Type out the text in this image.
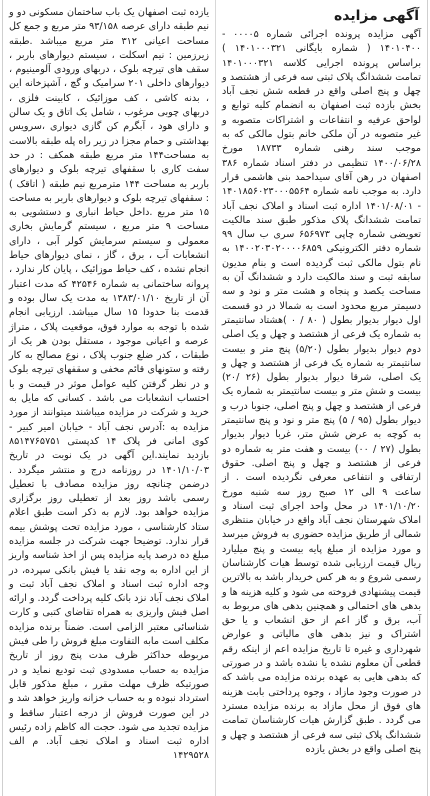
آگهی مزایده

آگهی مزایده پرونده اجرائی شماره ۰۰۰۰۵ - ۱۴۰۱۰۴۰۰ ( شماره بایگانی ۱۴۰۱۰۰۰۳۲۱ ) براساس پرونده اجرایی کلاسه ۱۴۰۱۰۰۰۳۲۱ تمامت ششدانگ پلاک ثبتی سه فرعی از هشتصد و چهل و پنج اصلی واقع در قطعه شش نجف آباد بخش بازده ثبت اصفهان به انضمام کلیه توابع و لواحق عرفیه و انتفاعات و اشتراکات متصوبه و غیر متصوبه در آن ملکی خانم بتول مالکی که به موجب سند رهنی شماره ۱۸۷۳۳ مورخ ۱۴۰۰/۰۶/۲۸ تنظیمی در دفتر اسناد شماره ۳۸۶ اصفهان در رهن آقای سیداحمد بنی هاشمی قرار دارد. به موجب نامه شماره ۱۴۰۱۸۵۶۰۲۳۰۰۰۵۵۶۴ - ۱۴۰۱/۰۸/۰۱ اداره ثبت اسناد و املاک نجف آباد تمامت ششدانگ پلاک مذکور طبق سند مالکیت تعویضی شماره چاپی ۶۵۶۹۷۳ سری ب سال ۹۹ شماره دفتر الکترونیکی ۱۴۰۰۲۰۳۰۲۰۰۰۰۶۸۵۹ به نام بتول مالکی ثبت گردیده است و بنام مدیون سابقه ثبت و سند مالکیت دارد و ششدانگ آن به مساحت یکصد و پنجاه و هشت متر و نود و سه دسیمتر مربع محدود است به شمالا در دو قسمت اول دیوار بدیوار بطول ( ۸۰ / ۰ )هشتاد سانتیمتر به شماره یک فرعی از هشتصد و چهل و یک اصلی دوم دیوار بدیوار بطول (۵/۲۰) پنج متر و بیست سانتیمتر به شماره یک فرعی از هشتصد و چهل و یک اصلی، شرقا دیوار بدیوار بطول (۲۶ /۲۰) بیست و شش متر و بیست سانتیمتر به شماره یک فرعی از هشتصد و چهل و پنج اصلی، جنوبا درب و دیوار بطول (۹۵ / ۵) پنج متر و نود و پنج سانتیمتر به کوچه به عرض شش متر، غربا دیوار بدیوار بطول (۲۷ / ۰۰) بیست و هفت متر به شماره دو فرعی از هشتصد و چهل و پنج اصلی. حقوق ارتفاقی و انتفاعی معرفی نگردیده است . از ساعت ۹ الی ۱۲ صبح روز سه شنبه مورخ ۱۴۰۱/۱۰/۲۰ در محل واحد اجرای ثبت اسناد و املاک شهرستان نجف آباد واقع در خیابان منتظری شمالی از طریق مزایده حضوری به فروش میرسد و مورد مزایده از مبلغ پایه بیست و پنج میلیارد ریال قیمت ارزیابی شده توسط هیات کارشناسان رسمی شروع و به هر کس خریدار باشد به بالاترین قیمت پیشنهادی فروخته می شود و کلیه هزینه ها و بدهی های احتمالی و همچنین بدهی های مربوط به آب، برق و گاز اعم از حق انشعاب و یا حق اشتراک و نیز بدهی های مالیاتی و عوارض شهرداری و غیره تا تاریخ مزایده اعم از اینکه رقم قطعی آن معلوم نشده یا نشده باشد و در صورتی که بدهی هایی به عهده برنده مزایده می باشد که در صورت وجود مازاد ، وجوه پرداختی بابت هزینه های فوق از محل مازاد به برنده مزایده مسترد می گردد . طبق گزارش هیات کارشناسان تمامت ششدانگ پلاک ثبتی سه فرعی از هشتصد و چهل و پنج اصلی واقع در بخش یازده

یازده ثبت اصفهان یک باب ساختمان مسکونی دو و نیم طبقه دارای عرصه ۹۳/۱۵۸ متر مربع و جمع کل مساحت اعیانی ۳۱۲ متر مربع میباشد .طبقه زیرزمین : نیم اسکلت ، سیستم دیوارهای باربر ، سقف های تیرچه بلوک ، دربهای ورودی آلومینیوم ، دیوارهای داخلی ۲۰۱ سرامیک و گچ ، آشپزخانه این ، بدنه کاشی ، کف موزائیک ، کابینت فلزی ، دربهای چوبی مرغوب ، شامل یک اتاق و یک سالن و دارای هود ، آبگرم کن گازی دیواری ،سرویس بهداشتی و حمام مجزا در زیر راه پله طبقه بالاست به مساحت۱۴۴ متر مربع طبقه همکف : در حد سفت کاری با سقفهای تیرچه بلوک و دیوارهای باربر به مساحت ۱۴۴ مترمربع نیم طبقه ( اتاقک ) : سقفهای تیرچه بلوک و دیوارهای باربر به مساحت ۱۵ متر مربع .داخل حیاط انباری و دستشویی به مساحت ۹ متر مربع ، سیستم گرمایش بخاری معمولی و سیستم سرمایش کولر آبی ، دارای انشعابات آب ، برق ، گاز ، نمای دیوارهای حیاط انجام نشده ، کف حیاط موزائیک ، پایان کار ندارد ، پروانه ساختمانی به شماره ۴۲۵۴۶ که مدت اعتبار آن از تاریخ ۱۳۸۳/۰۱/۱۰ به مدت یک سال بوده و قدمت بنا حدودا ۱۵ سال میباشد. ارزیابی انجام شده با توجه به موارد فوق، موقعیت پلاک ، متراژ عرصه و اعیانی موجود ، مستقل بودن هر یک از طبقات ، کدر ضلع جنوب پلاک ، نوع مصالح به کار رفته و ستونهای قائم مخفی و سقفهای تیرچه بلوک و در نظر گرفتن کلیه عوامل موثر در قیمت و با احتساب انشعابات می باشد . کسانی که مایل به خرید و شرکت در مزایده میباشند میتوانند از مورد مزایده به :آدرس نجف آباد - خیابان امیر کبیر - کوی امانی فر پلاک ۱۴ کدپستی ۸۵۱۴۷۶۵۷۵۱ بازدید نمایند.این آگهی در یک نوبت در تاریخ ۱۴۰۱/۱۰/۰۳ در روزنامه درج و منتشر میگردد . درضمن چنانچه روز مزایده مصادف با تعطیل رسمی باشد روز بعد از تعطیلی روز برگزاری مزایده خواهد بود. لازم به ذکر است طبق اعلام ستاد کارشناسی ، مورد مزایده تحت پوشش بیمه قرار ندارد. توضیحا جهت شرکت در جلسه مزایده مبلغ ده درصد پایه مزایده پس از اخذ شناسه واریز از این اداره به وجه نقد یا فیش بانکی سپرده، در وجه اداره ثبت اسناد و املاک نجف آباد ثبت و املاک نجف آباد نزد بانک کلیه پرداخت گردد. و ارائه اصل فیش واریزی به همراه تقاضای کتبی و کارت شناسائی معتبر الزامی است. ضمناً برنده مزایده مکلف است مابه التفاوت مبلغ فروش را طی فیش مربوطه حداکثر ظرف مدت پنج روز از تاریخ مزایده به حساب مسدودی ثبت تودیع نماید و در صورتیکه ظرف مهلت مقرر ، مبلغ مذکور قابل استرداد نبوده و به حساب خزانه واریز خواهد شد و در این صورت فروش از درجه اعتبار ساقط و مزایده تجدید می شود. حجت اله کاظم زاده رئیس اداره ثبت اسناد و املاک نجف آباد. م الف ۱۴۲۹۵۲۸
